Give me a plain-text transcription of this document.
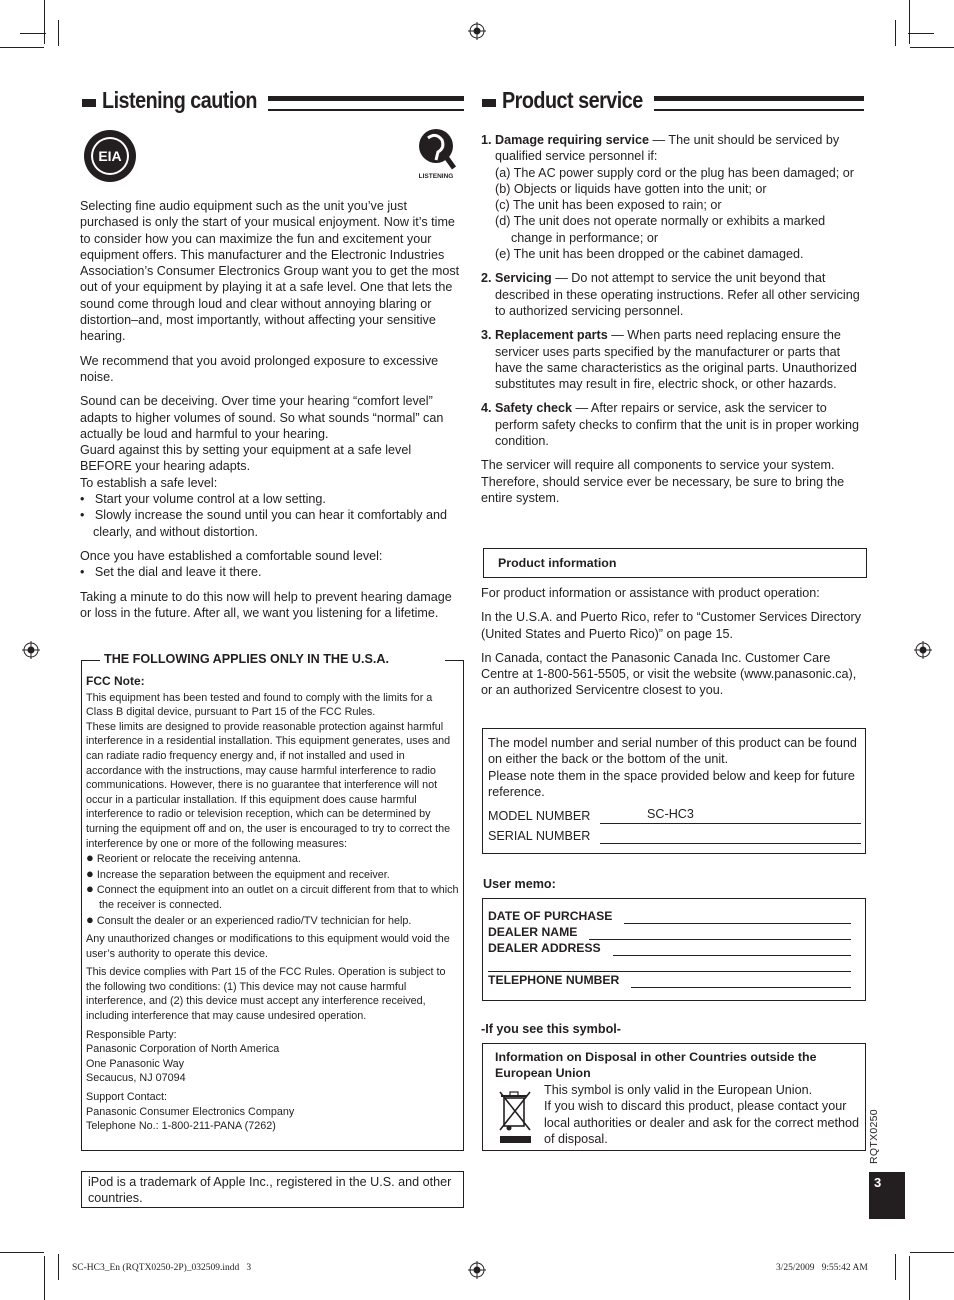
Listening caution
EIA
LISTENING

Selecting fine audio equipment such as the unit you’ve just purchased is only the start of your musical enjoyment. Now it’s time to consider how you can maximize the fun and excitement your equipment offers. This manufacturer and the Electronic Industries Association’s Consumer Electronics Group want you to get the most out of your equipment by playing it at a safe level. One that lets the sound come through loud and clear without annoying blaring or distortion–and, most importantly, without affecting your sensitive hearing.

We recommend that you avoid prolonged exposure to excessive noise.

Sound can be deceiving. Over time your hearing “comfort level” adapts to higher volumes of sound. So what sounds “normal” can actually be loud and harmful to your hearing.
Guard against this by setting your equipment at a safe level BEFORE your hearing adapts.
To establish a safe level:
•   Start your volume control at a low setting.
•   Slowly increase the sound until you can hear it comfortably and clearly, and without distortion.
Once you have established a comfortable sound level:
•   Set the dial and leave it there.

Taking a minute to do this now will help to prevent hearing damage or loss in the future. After all, we want you listening for a lifetime.

THE FOLLOWING APPLIES ONLY IN THE U.S.A.
FCC Note:
This equipment has been tested and found to comply with the limits for a Class B digital device, pursuant to Part 15 of the FCC Rules.
These limits are designed to provide reasonable protection against harmful interference in a residential installation. This equipment generates, uses and can radiate radio frequency energy and, if not installed and used in accordance with the instructions, may cause harmful interference to radio communications. However, there is no guarantee that interference will not occur in a particular installation. If this equipment does cause harmful interference to radio or television reception, which can be determined by turning the equipment off and on, the user is encouraged to try to correct the interference by one or more of the following measures:
● Reorient or relocate the receiving antenna.
● Increase the separation between the equipment and receiver.
● Connect the equipment into an outlet on a circuit different from that to which the receiver is connected.
● Consult the dealer or an experienced radio/TV technician for help.

Any unauthorized changes or modifications to this equipment would void the user’s authority to operate this device.

This device complies with Part 15 of the FCC Rules. Operation is subject to the following two conditions: (1) This device may not cause harmful interference, and (2) this device must accept any interference received, including interference that may cause undesired operation.

Responsible Party:
Panasonic Corporation of North America
One Panasonic Way
Secaucus, NJ 07094

Support Contact:
Panasonic Consumer Electronics Company
Telephone No.: 1-800-211-PANA (7262)

iPod is a trademark of Apple Inc., registered in the U.S. and other countries.
Product service
1. Damage requiring service — The unit should be serviced by qualified service personnel if:
(a) The AC power supply cord or the plug has been damaged; or
(b) Objects or liquids have gotten into the unit; or
(c) The unit has been exposed to rain; or
(d) The unit does not operate normally or exhibits a marked change in performance; or
(e) The unit has been dropped or the cabinet damaged.
2. Servicing — Do not attempt to service the unit beyond that described in these operating instructions. Refer all other servicing to authorized servicing personnel.
3. Replacement parts — When parts need replacing ensure the servicer uses parts specified by the manufacturer or parts that have the same characteristics as the original parts. Unauthorized substitutes may result in fire, electric shock, or other hazards.
4. Safety check — After repairs or service, ask the servicer to perform safety checks to confirm that the unit is in proper working condition.
The servicer will require all components to service your system. Therefore, should service ever be necessary, be sure to bring the entire system.
Product information

For product information or assistance with product operation:

In the U.S.A. and Puerto Rico, refer to “Customer Services Directory (United States and Puerto Rico)” on page 15.

In Canada, contact the Panasonic Canada Inc. Customer Care Centre at 1-800-561-5505, or visit the website (www.panasonic.ca), or an authorized Servicentre closest to you.

The model number and serial number of this product can be found on either the back or the bottom of the unit.
Please note them in the space provided below and keep for future reference.
MODEL NUMBER	SC-HC3
SERIAL NUMBER
User memo:
DATE OF PURCHASE
DEALER NAME
DEALER ADDRESS
TELEPHONE NUMBER
-If you see this symbol-
Information on Disposal in other Countries outside the European Union
This symbol is only valid in the European Union.
If you wish to discard this product, please contact your local authorities or dealer and ask for the correct method of disposal.	RQTX0250
3
SC-HC3_En (RQTX0250-2P)_032509.indd   3	3/25/2009   9:55:42 AM
